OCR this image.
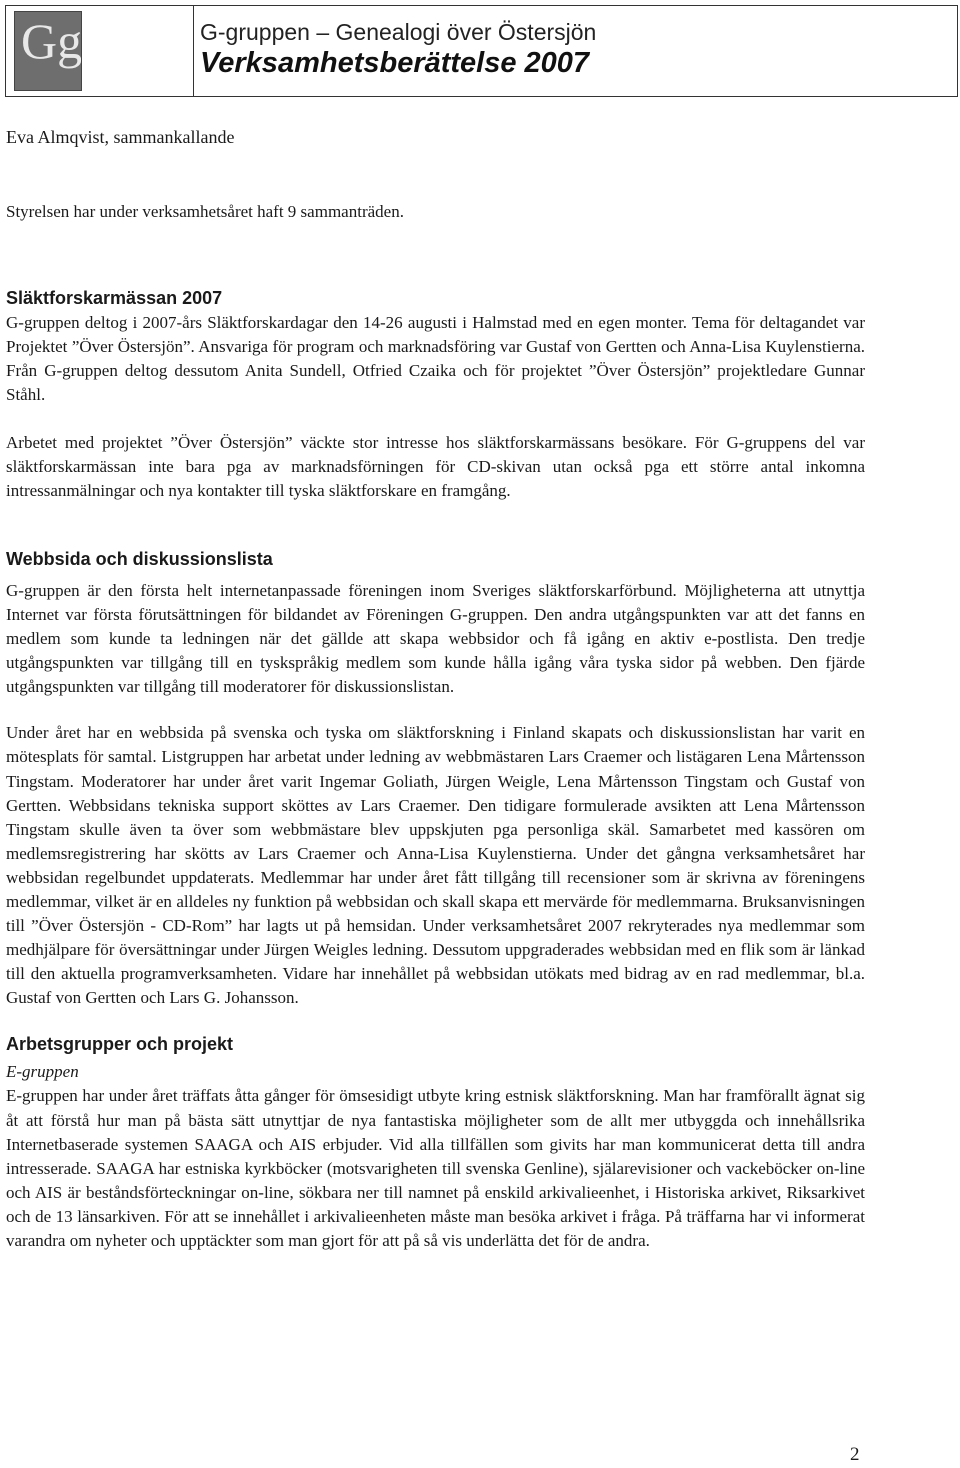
Gg	G-gruppen – Genealogi över Östersjön
Verksamhetsberättelse 2007

Eva Almqvist, sammankallande

Styrelsen har under verksamhetsåret haft 9 sammanträden.

Släktforskarmässan 2007

G-gruppen deltog i 2007-års Släktforskardagar den 14-26 augusti i Halmstad med en egen monter. Tema för deltagandet var Projektet ”Över Östersjön”. Ansvariga för program och marknadsföring var Gustaf von Gertten och Anna-Lisa Kuylenstierna. Från G-gruppen deltog dessutom Anita Sundell, Otfried Czaika och för projektet ”Över Östersjön” projektledare Gunnar Ståhl.

Arbetet med projektet ”Över Östersjön” väckte stor intresse hos släktforskarmässans besökare. För G-gruppens del var släktforskarmässan inte bara pga av marknadsförningen för CD-skivan utan också pga ett större antal inkomna intressanmälningar och nya kontakter till tyska släktforskare en framgång.

Webbsida och diskussionslista

G-gruppen är den första helt internetanpassade föreningen inom Sveriges släktforskarförbund. Möjligheterna att utnyttja Internet var första förutsättningen för bildandet av Föreningen G-gruppen. Den andra utgångspunkten var att det fanns en medlem som kunde ta ledningen när det gällde att skapa webbsidor och få igång en aktiv e-postlista. Den tredje utgångspunkten var tillgång till en tyskspråkig medlem som kunde hålla igång våra tyska sidor på webben. Den fjärde utgångspunkten var tillgång till moderatorer för diskussionslistan.

Under året har en webbsida på svenska och tyska om släktforskning i Finland skapats och diskussionslistan har varit en mötesplats för samtal. Listgruppen har arbetat under ledning av webbmästaren Lars Craemer och listägaren Lena Mårtensson Tingstam. Moderatorer har under året varit Ingemar Goliath, Jürgen Weigle, Lena Mårtensson Tingstam och Gustaf von Gertten. Webbsidans tekniska support sköttes av Lars Craemer. Den tidigare formulerade avsikten att Lena Mårtensson Tingstam skulle även ta över som webbmästare blev uppskjuten pga personliga skäl. Samarbetet med kassören om medlemsregistrering har skötts av Lars Craemer och Anna-Lisa Kuylenstierna. Under det gångna verksamhetsåret har webbsidan regelbundet uppdaterats. Medlemmar har under året fått tillgång till recensioner som är skrivna av föreningens medlemmar, vilket är en alldeles ny funktion på webbsidan och skall skapa ett mervärde för medlemmarna. Bruksanvisningen till ”Över Östersjön - CD-Rom” har lagts ut på hemsidan. Under verksamhetsåret 2007 rekryterades nya medlemmar som medhjälpare för översättningar under Jürgen Weigles ledning. Dessutom uppgraderades webbsidan med en flik som är länkad till den aktuella programverksamheten. Vidare har innehållet på webbsidan utökats med bidrag av en rad medlemmar, bl.a. Gustaf von Gertten och Lars G. Johansson.

Arbetsgrupper och projekt

E-gruppen

E-gruppen har under året träffats åtta gånger för ömsesidigt utbyte kring estnisk släktforskning. Man har framförallt ägnat sig åt att förstå hur man på bästa sätt utnyttjar de nya fantastiska möjligheter som de allt mer utbyggda och innehållsrika Internetbaserade systemen SAAGA och AIS erbjuder. Vid alla tillfällen som givits har man kommunicerat detta till andra intresserade. SAAGA har estniska kyrkböcker (motsvarigheten till svenska Genline), själarevisioner och vackeböcker on-line och AIS är beståndsförteckningar on-line, sökbara ner till namnet på enskild arkivalieenhet, i Historiska arkivet, Riksarkivet och de 13 länsarkiven. För att se innehållet i arkivalieenheten måste man besöka arkivet i fråga. På träffarna har vi informerat varandra om nyheter och upptäckter som man gjort för att på så vis underlätta det för de andra.

2
